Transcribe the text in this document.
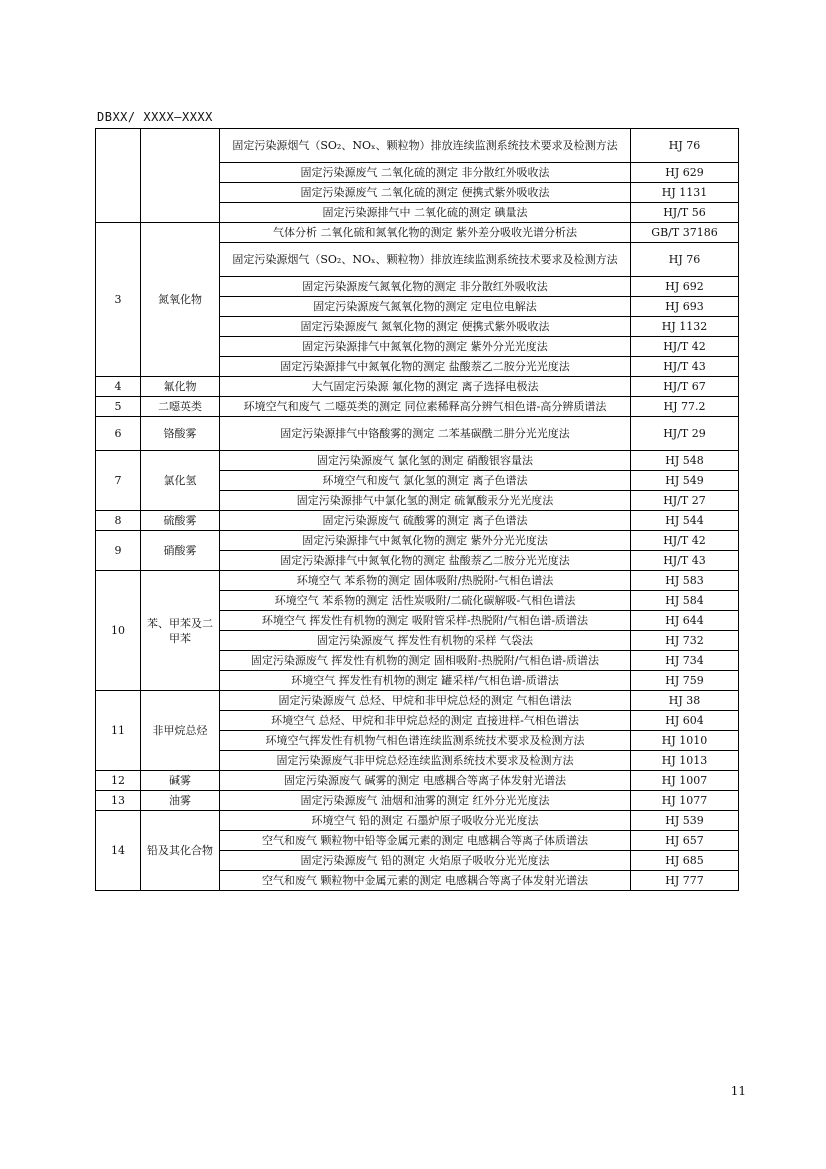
DBXX/ XXXX—XXXX
		固定污染源烟气（SO₂、NOₓ、颗粒物）排放连续监测系统技术要求及检测方法	HJ 76
		固定污染源废气 二氧化硫的测定 非分散红外吸收法	HJ 629
		固定污染源废气 二氧化硫的测定 便携式紫外吸收法	HJ 1131
		固定污染源排气中 二氧化硫的测定 碘量法	HJ/T 56
3	氮氧化物	气体分析 二氧化硫和氮氧化物的测定 紫外差分吸收光谱分析法	GB/T 37186
		固定污染源烟气（SO₂、NOₓ、颗粒物）排放连续监测系统技术要求及检测方法	HJ 76
		固定污染源废气氮氧化物的测定 非分散红外吸收法	HJ 692
		固定污染源废气氮氧化物的测定 定电位电解法	HJ 693
		固定污染源废气 氮氧化物的测定 便携式紫外吸收法	HJ 1132
		固定污染源排气中氮氧化物的测定 紫外分光光度法	HJ/T 42
		固定污染源排气中氮氧化物的测定 盐酸萘乙二胺分光光度法	HJ/T 43
4	氟化物	大气固定污染源 氟化物的测定 离子选择电极法	HJ/T 67
5	二噁英类	环境空气和废气 二噁英类的测定 同位素稀释高分辨气相色谱-高分辨质谱法	HJ 77.2
6	铬酸雾	固定污染源排气中铬酸雾的测定 二苯基碳酰二肼分光光度法	HJ/T 29
7	氯化氢	固定污染源废气 氯化氢的测定 硝酸银容量法	HJ 548
		环境空气和废气 氯化氢的测定 离子色谱法	HJ 549
		固定污染源排气中氯化氢的测定 硫氰酸汞分光光度法	HJ/T 27
8	硫酸雾	固定污染源废气 硫酸雾的测定 离子色谱法	HJ 544
9	硝酸雾	固定污染源排气中氮氧化物的测定 紫外分光光度法	HJ/T 42
		固定污染源排气中氮氧化物的测定 盐酸萘乙二胺分光光度法	HJ/T 43
10	苯、甲苯及二甲苯	环境空气 苯系物的测定 固体吸附/热脱附-气相色谱法	HJ 583
		环境空气 苯系物的测定 活性炭吸附/二硫化碳解吸-气相色谱法	HJ 584
		环境空气 挥发性有机物的测定 吸附管采样-热脱附/气相色谱-质谱法	HJ 644
		固定污染源废气 挥发性有机物的采样 气袋法	HJ 732
		固定污染源废气 挥发性有机物的测定 固相吸附-热脱附/气相色谱-质谱法	HJ 734
		环境空气 挥发性有机物的测定 罐采样/气相色谱-质谱法	HJ 759
11	非甲烷总烃	固定污染源废气 总烃、甲烷和非甲烷总烃的测定 气相色谱法	HJ 38
		环境空气 总烃、甲烷和非甲烷总烃的测定 直接进样-气相色谱法	HJ 604
		环境空气挥发性有机物气相色谱连续监测系统技术要求及检测方法	HJ 1010
		固定污染源废气非甲烷总烃连续监测系统技术要求及检测方法	HJ 1013
12	碱雾	固定污染源废气 碱雾的测定 电感耦合等离子体发射光谱法	HJ 1007
13	油雾	固定污染源废气 油烟和油雾的测定 红外分光光度法	HJ 1077
14	铅及其化合物	环境空气 铅的测定 石墨炉原子吸收分光光度法	HJ 539
		空气和废气 颗粒物中铅等金属元素的测定 电感耦合等离子体质谱法	HJ 657
		固定污染源废气 铅的测定 火焰原子吸收分光光度法	HJ 685
		空气和废气 颗粒物中金属元素的测定 电感耦合等离子体发射光谱法	HJ 777
11
